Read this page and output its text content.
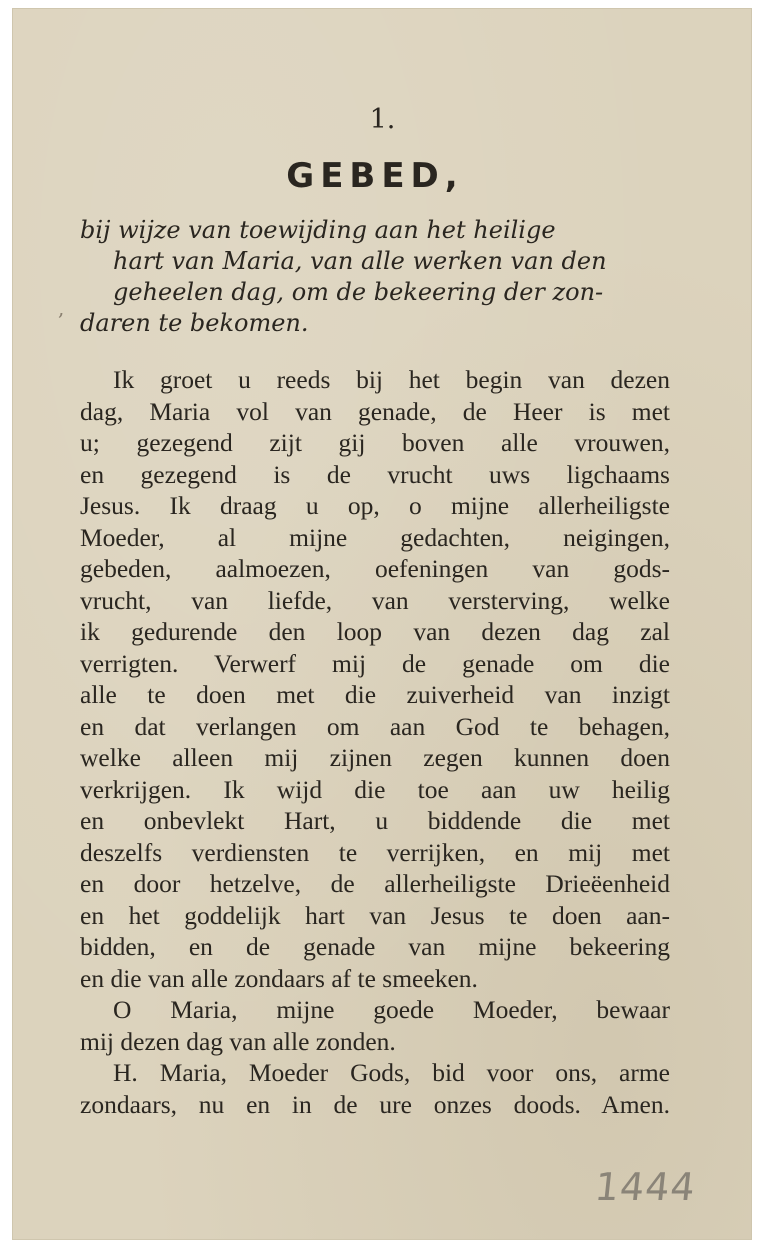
,
1.
GEBED,
bij wijze van toewijding aan het heilige
hart van Maria, van alle werken van den
geheelen dag, om de bekeering der zon-
daren te bekomen.
Ik groet u reeds bij het begin van dezen
dag, Maria vol van genade, de Heer is met
u; gezegend zijt gij boven alle vrouwen,
en gezegend is de vrucht uws ligchaams
Jesus. Ik draag u op, o mijne allerheiligste
Moeder, al mijne gedachten, neigingen,
gebeden, aalmoezen, oefeningen van gods-
vrucht, van liefde, van versterving, welke
ik gedurende den loop van dezen dag zal
verrigten. Verwerf mij de genade om die
alle te doen met die zuiverheid van inzigt
en dat verlangen om aan God te behagen,
welke alleen mij zijnen zegen kunnen doen
verkrijgen. Ik wijd die toe aan uw heilig
en onbevlekt Hart, u biddende die met
deszelfs verdiensten te verrijken, en mij met
en door hetzelve, de allerheiligste Drieëenheid
en het goddelijk hart van Jesus te doen aan-
bidden, en de genade van mijne bekeering
en die van alle zondaars af te smeeken.
O Maria, mijne goede Moeder, bewaar
mij dezen dag van alle zonden.
H. Maria, Moeder Gods, bid voor ons, arme
zondaars, nu en in de ure onzes doods. Amen.
1444
